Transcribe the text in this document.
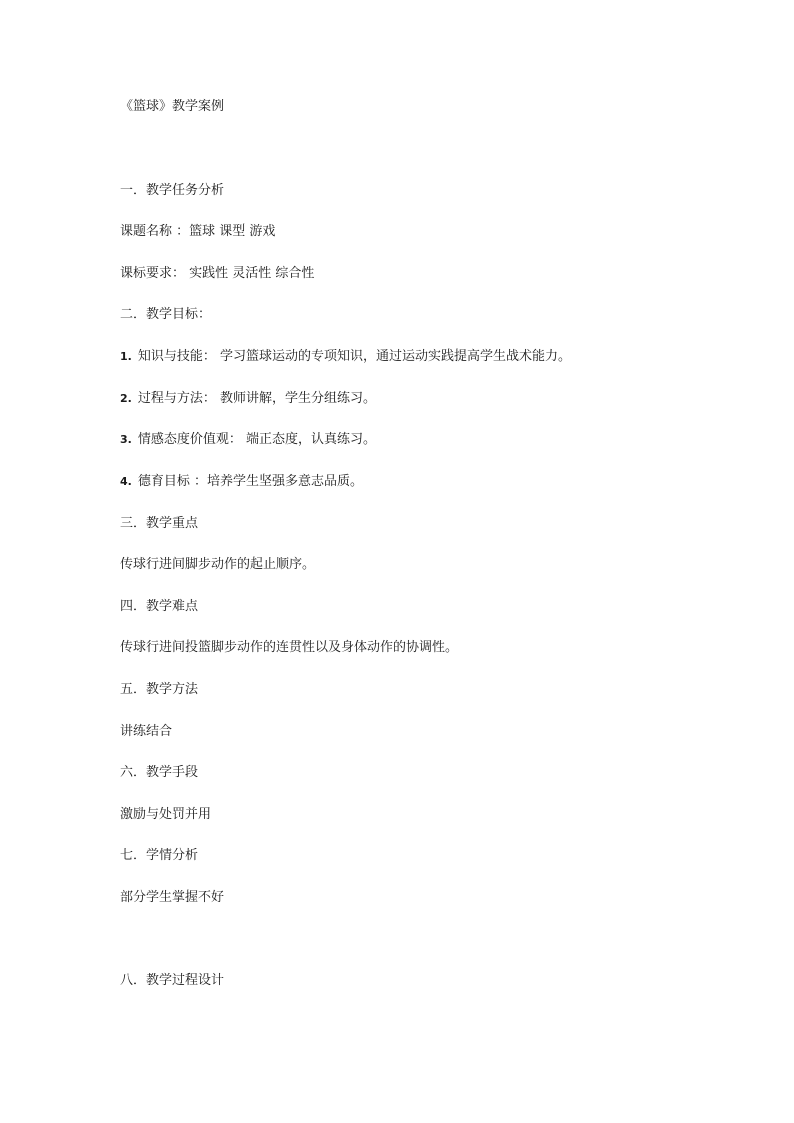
《篮球》教学案例
一．教学任务分析
课题名称 ：篮球 课型 游戏
课标要求： 实践性 灵活性 综合性
二．教学目标：
1. 知识与技能： 学习篮球运动的专项知识，通过运动实践提高学生战术能力。
2. 过程与方法： 教师讲解，学生分组练习。
3. 情感态度价值观： 端正态度，认真练习。
4. 德育目标 ：培养学生坚强多意志品质。
三．教学重点
传球行进间脚步动作的起止顺序。
四．教学难点
传球行进间投篮脚步动作的连贯性以及身体动作的协调性。
五．教学方法
讲练结合
六．教学手段
激励与处罚并用
七．学情分析
部分学生掌握不好
八．教学过程设计
